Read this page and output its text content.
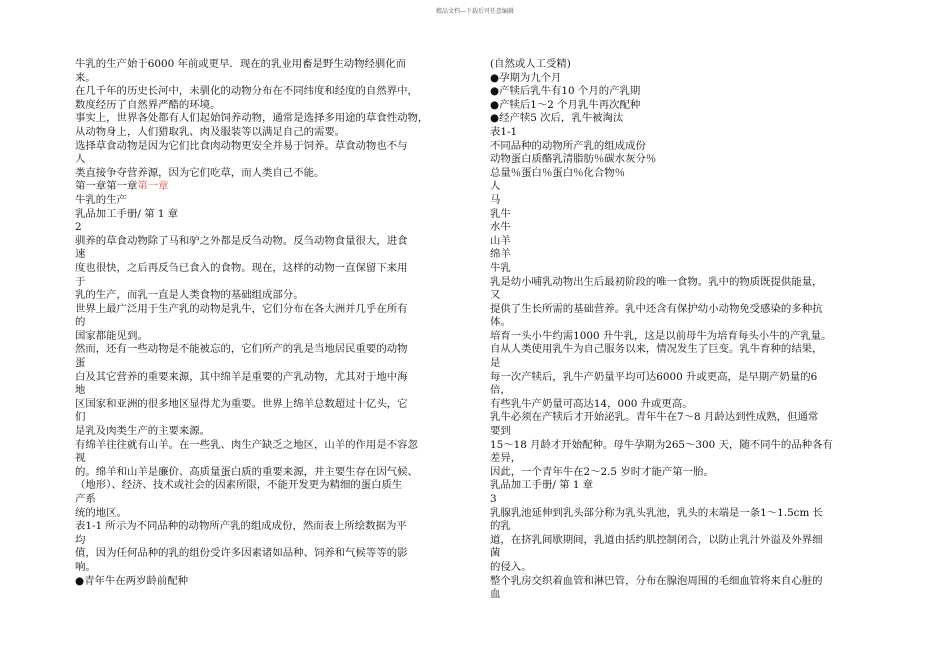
精品文档---下载后可任意编辑
牛乳的生产始于6000 年前或更早．现在的乳业用畜是野生动物经驯化而
来。
在几千年的历史长河中，未驯化的动物分布在不同纬度和经度的自然界中，
数度经历了自然界严酷的环境。
事实上，世界各处都有人们起始饲养动物，通常是选择多用途的草食性动物，
从动物身上，人们猎取乳、肉及服装等以满足自己的需要。
选择草食动物是因为它们比食肉动物更安全并易于饲养。草食动物也不与
人
类直接争夺营养源，因为它们吃草，而人类自己不能。
第一章第一章第一章
牛乳的生产
乳品加工手册/ 第 1 章
2
驯养的草食动物除了马和驴之外都是反刍动物。反刍动物食量很大，进食
速
度也很快，之后再反刍已食入的食物。现在，这样的动物一直保留下来用
于
乳的生产，而乳一直是人类食物的基础组成部分。
世界上最广泛用于生产乳的动物是乳牛，它们分布在各大洲并几乎在所有
的
国家都能见到。
然而，还有一些动物是不能被忘的，它们所产的乳是当地居民重要的动物
蛋
白及其它营养的重要来源，其中绵羊是重要的产乳动物，尤其对于地中海
地
区国家和亚洲的很多地区显得尤为重要。世界上绵羊总数超过十亿头，它
们
是乳及肉类生产的主要来源。
有绵羊往往就有山羊。在一些乳、肉生产缺乏之地区，山羊的作用是不容忽
视
的。绵羊和山羊是廉价、高质量蛋白质的重要来源，并主要生存在因气候、
（地形）、经济、技术或社会的因素所限，不能开发更为精细的蛋白质生
产系
统的地区。
表1-1 所示为不同品种的动物所产乳的组成成份，然而表上所绘数据为平
均
值，因为任何品种的乳的组份受许多因素诸如品种、饲养和气候等等的影
响。
●青年牛在两岁龄前配种
(自然或人工受精)
●孕期为九个月
●产犊后乳牛有10 个月的产乳期
●产犊后1～2 个月乳牛再次配种
●经产犊5 次后，乳牛被淘汰
表1-1
不同品种的动物所产乳的组成成份
动物蛋白质酪乳清脂肪％碳水灰分％
总量％蛋白％蛋白％化合物％
人
马
乳牛
水牛
山羊
绵羊
牛乳
乳是幼小哺乳动物出生后最初阶段的唯一食物。乳中的物质既提供能量，
又
提供了生长所需的基础营养。乳中还含有保护幼小动物免受感染的多种抗
体。
培育一头小牛约需1000 升牛乳，这是以前母牛为培育每头小牛的产乳量。
自从人类使用乳牛为自己服务以来，情况发生了巨变。乳牛育种的结果，
是
每一次产犊后，乳牛产奶量平均可达6000 升或更高，是早期产奶量的6
倍，
有些乳牛产奶量可高达14，000 升或更高。
乳牛必须在产犊后才开始泌乳。青年牛在7～8 月龄达到性成熟，但通常
要到
15～18 月龄才开始配种。母牛孕期为265～300 天，随不同牛的品种各有
差异，
因此，一个青年牛在2～2.5 岁时才能产第一胎。
乳品加工手册/ 第 1 章
3
乳腺乳池延伸到乳头部分称为乳头乳池，乳头的末端是一条1～1.5cm 长
的乳
道，在挤乳间歇期间，乳道由括约肌控制闭合，以防止乳汁外溢及外界细
菌
的侵入。
整个乳房交织着血管和淋巴管，分布在腺泡周围的毛细血管将来自心脏的
血
